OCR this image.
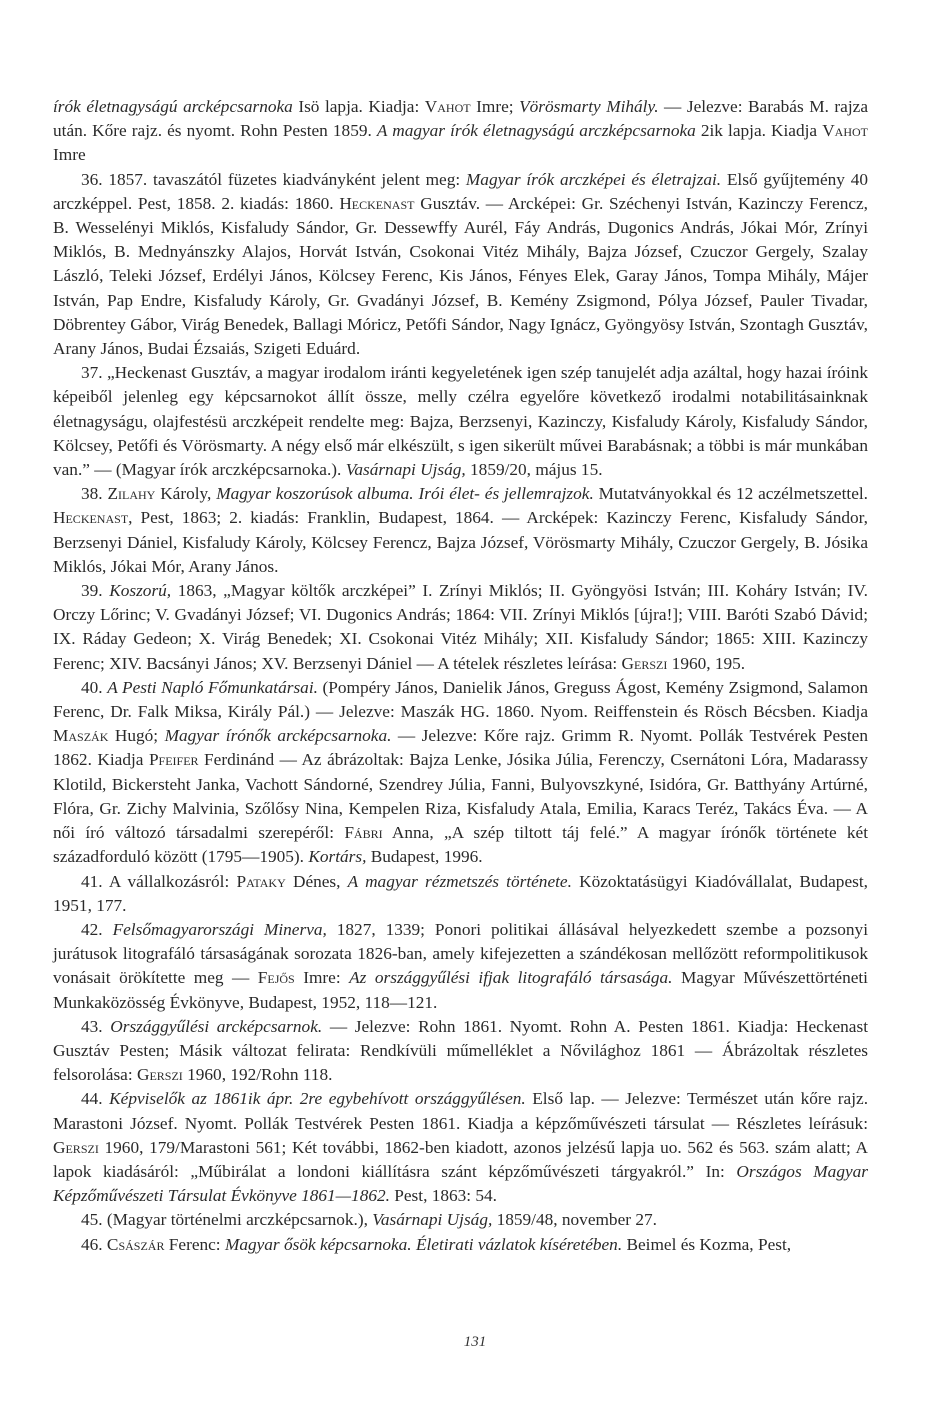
írók életnagyságú arcképcsarnoka Isö lapja. Kiadja: Vahot Imre; Vörösmarty Mihály. — Jelezve: Barabás M. rajza után. Kőre rajz. és nyomt. Rohn Pesten 1859. A magyar írók életnagyságú arczképcsarnoka 2ik lapja. Kiadja Vahot Imre

36. 1857. tavaszától füzetes kiadványként jelent meg: Magyar írók arczképei és életrajzai. Első gyűjtemény 40 arczképpel. Pest, 1858. 2. kiadás: 1860. Heckenast Gusztáv. — Arcképei: Gr. Széchenyi István, Kazinczy Ferencz, B. Wesselényi Miklós, Kisfaludy Sándor, Gr. Dessewffy Aurél, Fáy András, Dugonics András, Jókai Mór, Zrínyi Miklós, B. Mednyánszky Alajos, Horvát István, Csokonai Vitéz Mihály, Bajza József, Czuczor Gergely, Szalay László, Teleki József, Erdélyi János, Kölcsey Ferenc, Kis János, Fényes Elek, Garay János, Tompa Mihály, Májer István, Pap Endre, Kisfaludy Károly, Gr. Gvadányi József, B. Kemény Zsigmond, Pólya József, Pauler Tivadar, Döbrentey Gábor, Virág Benedek, Ballagi Móricz, Petőfi Sándor, Nagy Ignácz, Gyöngyösy István, Szontagh Gusztáv, Arany János, Budai Ézsaiás, Szigeti Eduárd.

37. „Heckenast Gusztáv, a magyar irodalom iránti kegyeletének igen szép tanujelét adja azáltal, hogy hazai íróink képeiből jelenleg egy képcsarnokot állít össze, melly czélra egyelőre következő irodalmi notabilitásainknak életnagyságu, olajfestésü arczképeit rendelte meg: Bajza, Berzsenyi, Kazinczy, Kisfaludy Károly, Kisfaludy Sándor, Kölcsey, Petőfi és Vörösmarty. A négy első már elkészült, s igen sikerült művei Barabásnak; a többi is már munkában van.” — (Magyar írók arczképcsarnoka.). Vasárnapi Ujság, 1859/20, május 15.

38. Zilahy Károly, Magyar koszorúsok albuma. Irói élet- és jellemrajzok. Mutatványokkal és 12 aczélmetszettel. Heckenast, Pest, 1863; 2. kiadás: Franklin, Budapest, 1864. — Arcképek: Kazinczy Ferenc, Kisfaludy Sándor, Berzsenyi Dániel, Kisfaludy Károly, Kölcsey Ferencz, Bajza József, Vörösmarty Mihály, Czuczor Gergely, B. Jósika Miklós, Jókai Mór, Arany János.

39. Koszorú, 1863, „Magyar költők arczképei” I. Zrínyi Miklós; II. Gyöngyösi István; III. Koháry István; IV. Orczy Lőrinc; V. Gvadányi József; VI. Dugonics András; 1864: VII. Zrínyi Miklós [újra!]; VIII. Baróti Szabó Dávid; IX. Ráday Gedeon; X. Virág Benedek; XI. Csokonai Vitéz Mihály; XII. Kisfaludy Sándor; 1865: XIII. Kazinczy Ferenc; XIV. Bacsányi János; XV. Berzsenyi Dániel — A tételek részletes leírása: Gerszi 1960, 195.

40. A Pesti Napló Főmunkatársai. (Pompéry János, Danielik János, Greguss Ágost, Kemény Zsigmond, Salamon Ferenc, Dr. Falk Miksa, Király Pál.) — Jelezve: Maszák HG. 1860. Nyom. Reiffenstein és Rösch Bécsben. Kiadja Maszák Hugó; Magyar írónők arcképcsarnoka. — Jelezve: Kőre rajz. Grimm R. Nyomt. Pollák Testvérek Pesten 1862. Kiadja Pfeifer Ferdinánd — Az ábrázoltak: Bajza Lenke, Jósika Júlia, Ferenczy, Csernátoni Lóra, Madarassy Klotild, Bickersteht Janka, Vachott Sándorné, Szendrey Júlia, Fanni, Bulyovszkyné, Isidóra, Gr. Batthyány Artúrné, Flóra, Gr. Zichy Malvinia, Szőlősy Nina, Kempelen Riza, Kisfaludy Atala, Emilia, Karacs Teréz, Takács Éva. — A női író változó társadalmi szerepéről: Fábri Anna, „A szép tiltott táj felé.” A magyar írónők története két századforduló között (1795—1905). Kortárs, Budapest, 1996.

41. A vállalkozásról: Pataky Dénes, A magyar rézmetszés története. Közoktatásügyi Kiadóvállalat, Budapest, 1951, 177.

42. Felsőmagyarországi Minerva, 1827, 1339; Ponori politikai állásával helyezkedett szembe a pozsonyi jurátusok litografáló társaságának sorozata 1826-ban, amely kifejezetten a szándékosan mellőzött reformpolitikusok vonásait örökítette meg — Fejős Imre: Az országgyűlési ifjak litografáló társasága. Magyar Művészettörténeti Munkaközösség Évkönyve, Budapest, 1952, 118—121.

43. Országgyűlési arcképcsarnok. — Jelezve: Rohn 1861. Nyomt. Rohn A. Pesten 1861. Kiadja: Heckenast Gusztáv Pesten; Másik változat felirata: Rendkívüli műmelléklet a Nővilághoz 1861 — Ábrázoltak részletes felsorolása: Gerszi 1960, 192/Rohn 118.

44. Képviselők az 1861ik ápr. 2re egybehívott országgyűlésen. Első lap. — Jelezve: Természet után kőre rajz. Marastoni József. Nyomt. Pollák Testvérek Pesten 1861. Kiadja a képzőművészeti társulat — Részletes leírásuk: Gerszi 1960, 179/Marastoni 561; Két további, 1862-ben kiadott, azonos jelzésű lapja uo. 562 és 563. szám alatt; A lapok kiadásáról: „Műbirálat a londoni kiállításra szánt képzőművészeti tárgyakról.” In: Országos Magyar Képzőművészeti Társulat Évkönyve 1861—1862. Pest, 1863: 54.

45. (Magyar történelmi arczképcsarnok.), Vasárnapi Ujság, 1859/48, november 27.

46. Császár Ferenc: Magyar ősök képcsarnoka. Életirati vázlatok kíséretében. Beimel és Kozma, Pest,

131
